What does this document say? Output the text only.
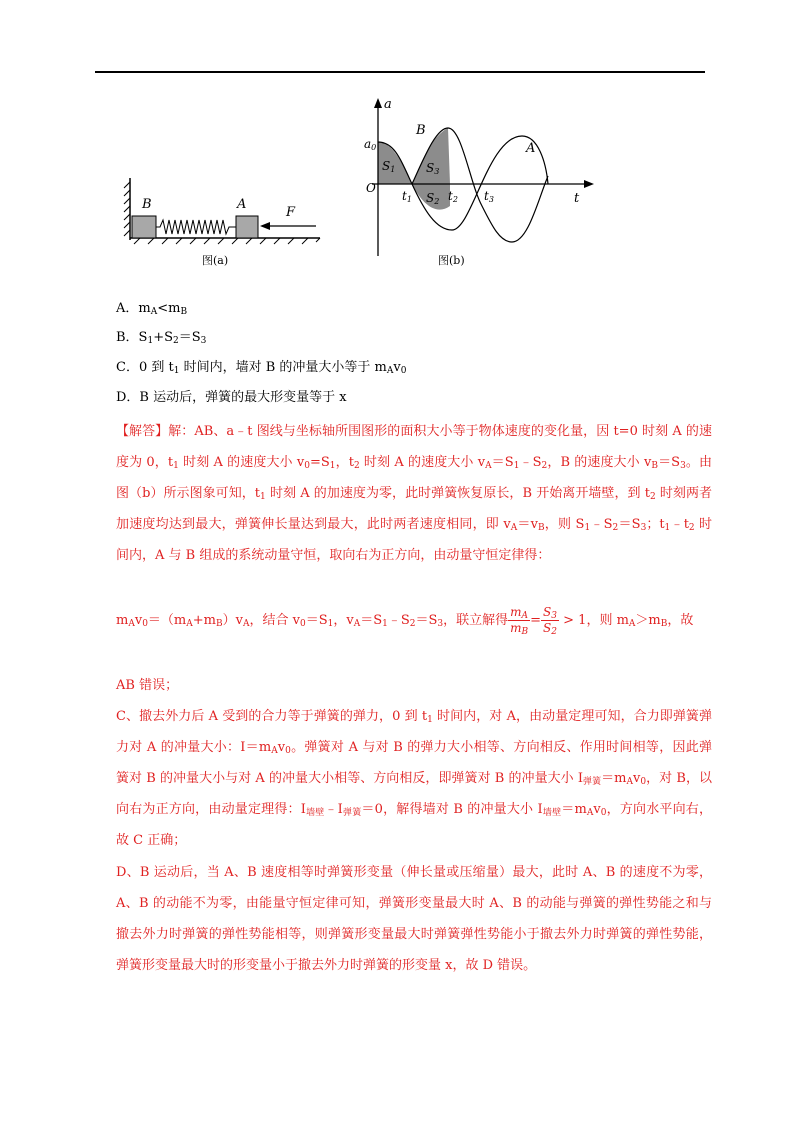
B	A
F
图(a)
a
t
O
a0
B
A
S1	S3
S2
t1	t2 t3
图(b)
A．$m_A<m_B$
B．$S_1+S_2=S_3$
C．0 到 $t_1$ 时间内，墙对 B 的冲量大小等于 $m_Av_0$
D．B 运动后，弹簧的最大形变量等于 x

【解答】解：AB、a﹣t 图线与坐标轴所围图形的面积大小等于物体速度的变化量，因 t=0 时刻 A 的速度为 0，$t_1$ 时刻 A 的速度大小 $v_0=S_1$，$t_2$ 时刻 A 的速度大小 $v_A=S_1﹣S_2$，B 的速度大小 $v_B=S_3$。由图（b）所示图象可知，$t_1$ 时刻 A 的加速度为零，此时弹簧恢复原长，B 开始离开墙壁，到 $t_2$ 时刻两者加速度均达到最大，弹簧伸长量达到最大，此时两者速度相同，即 $v_A=v_B$，则 $S_1﹣S_2=S_3$；$t_1﹣t_2$ 时间内，A 与 B 组成的系统动量守恒，取向右为正方向，由动量守恒定律得：

$m_Av_0=(m_A+m_B)v_A$，结合 $v_0=S_1$，$v_A=S_1﹣S_2=S_3$，联立解得 $\frac{m_A}{m_B} = \frac{S_3}{S_2} > 1$，则 $m_A>m_B$，故

AB 错误；

C、撤去外力后 A 受到的合力等于弹簧的弹力，0 到 $t_1$ 时间内，对 A，由动量定理可知，合力即弹簧弹力对 A 的冲量大小：$I=m_Av_0$。弹簧对 A 与对 B 的弹力大小相等、方向相反、作用时间相等，因此弹簧对 B 的冲量大小与对 A 的冲量大小相等、方向相反，即弹簧对 B 的冲量大小 $I_{弹簧}=m_Av_0$，对 B，以向右为正方向，由动量定理得：$I_{墙壁}﹣I_{弹簧}=0$，解得墙对 B 的冲量大小 $I_{墙壁}=m_Av_0$，方向水平向右，故 C 正确；

D、B 运动后，当 A、B 速度相等时弹簧形变量（伸长量或压缩量）最大，此时 A、B 的速度不为零，A、B 的动能不为零，由能量守恒定律可知，弹簧形变量最大时 A、B 的动能与弹簧的弹性势能之和与撤去外力时弹簧的弹性势能相等，则弹簧形变量最大时弹簧弹性势能小于撤去外力时弹簧的弹性势能，弹簧形变量最大时的形变量小于撤去外力时弹簧的形变量 x，故 D 错误。
